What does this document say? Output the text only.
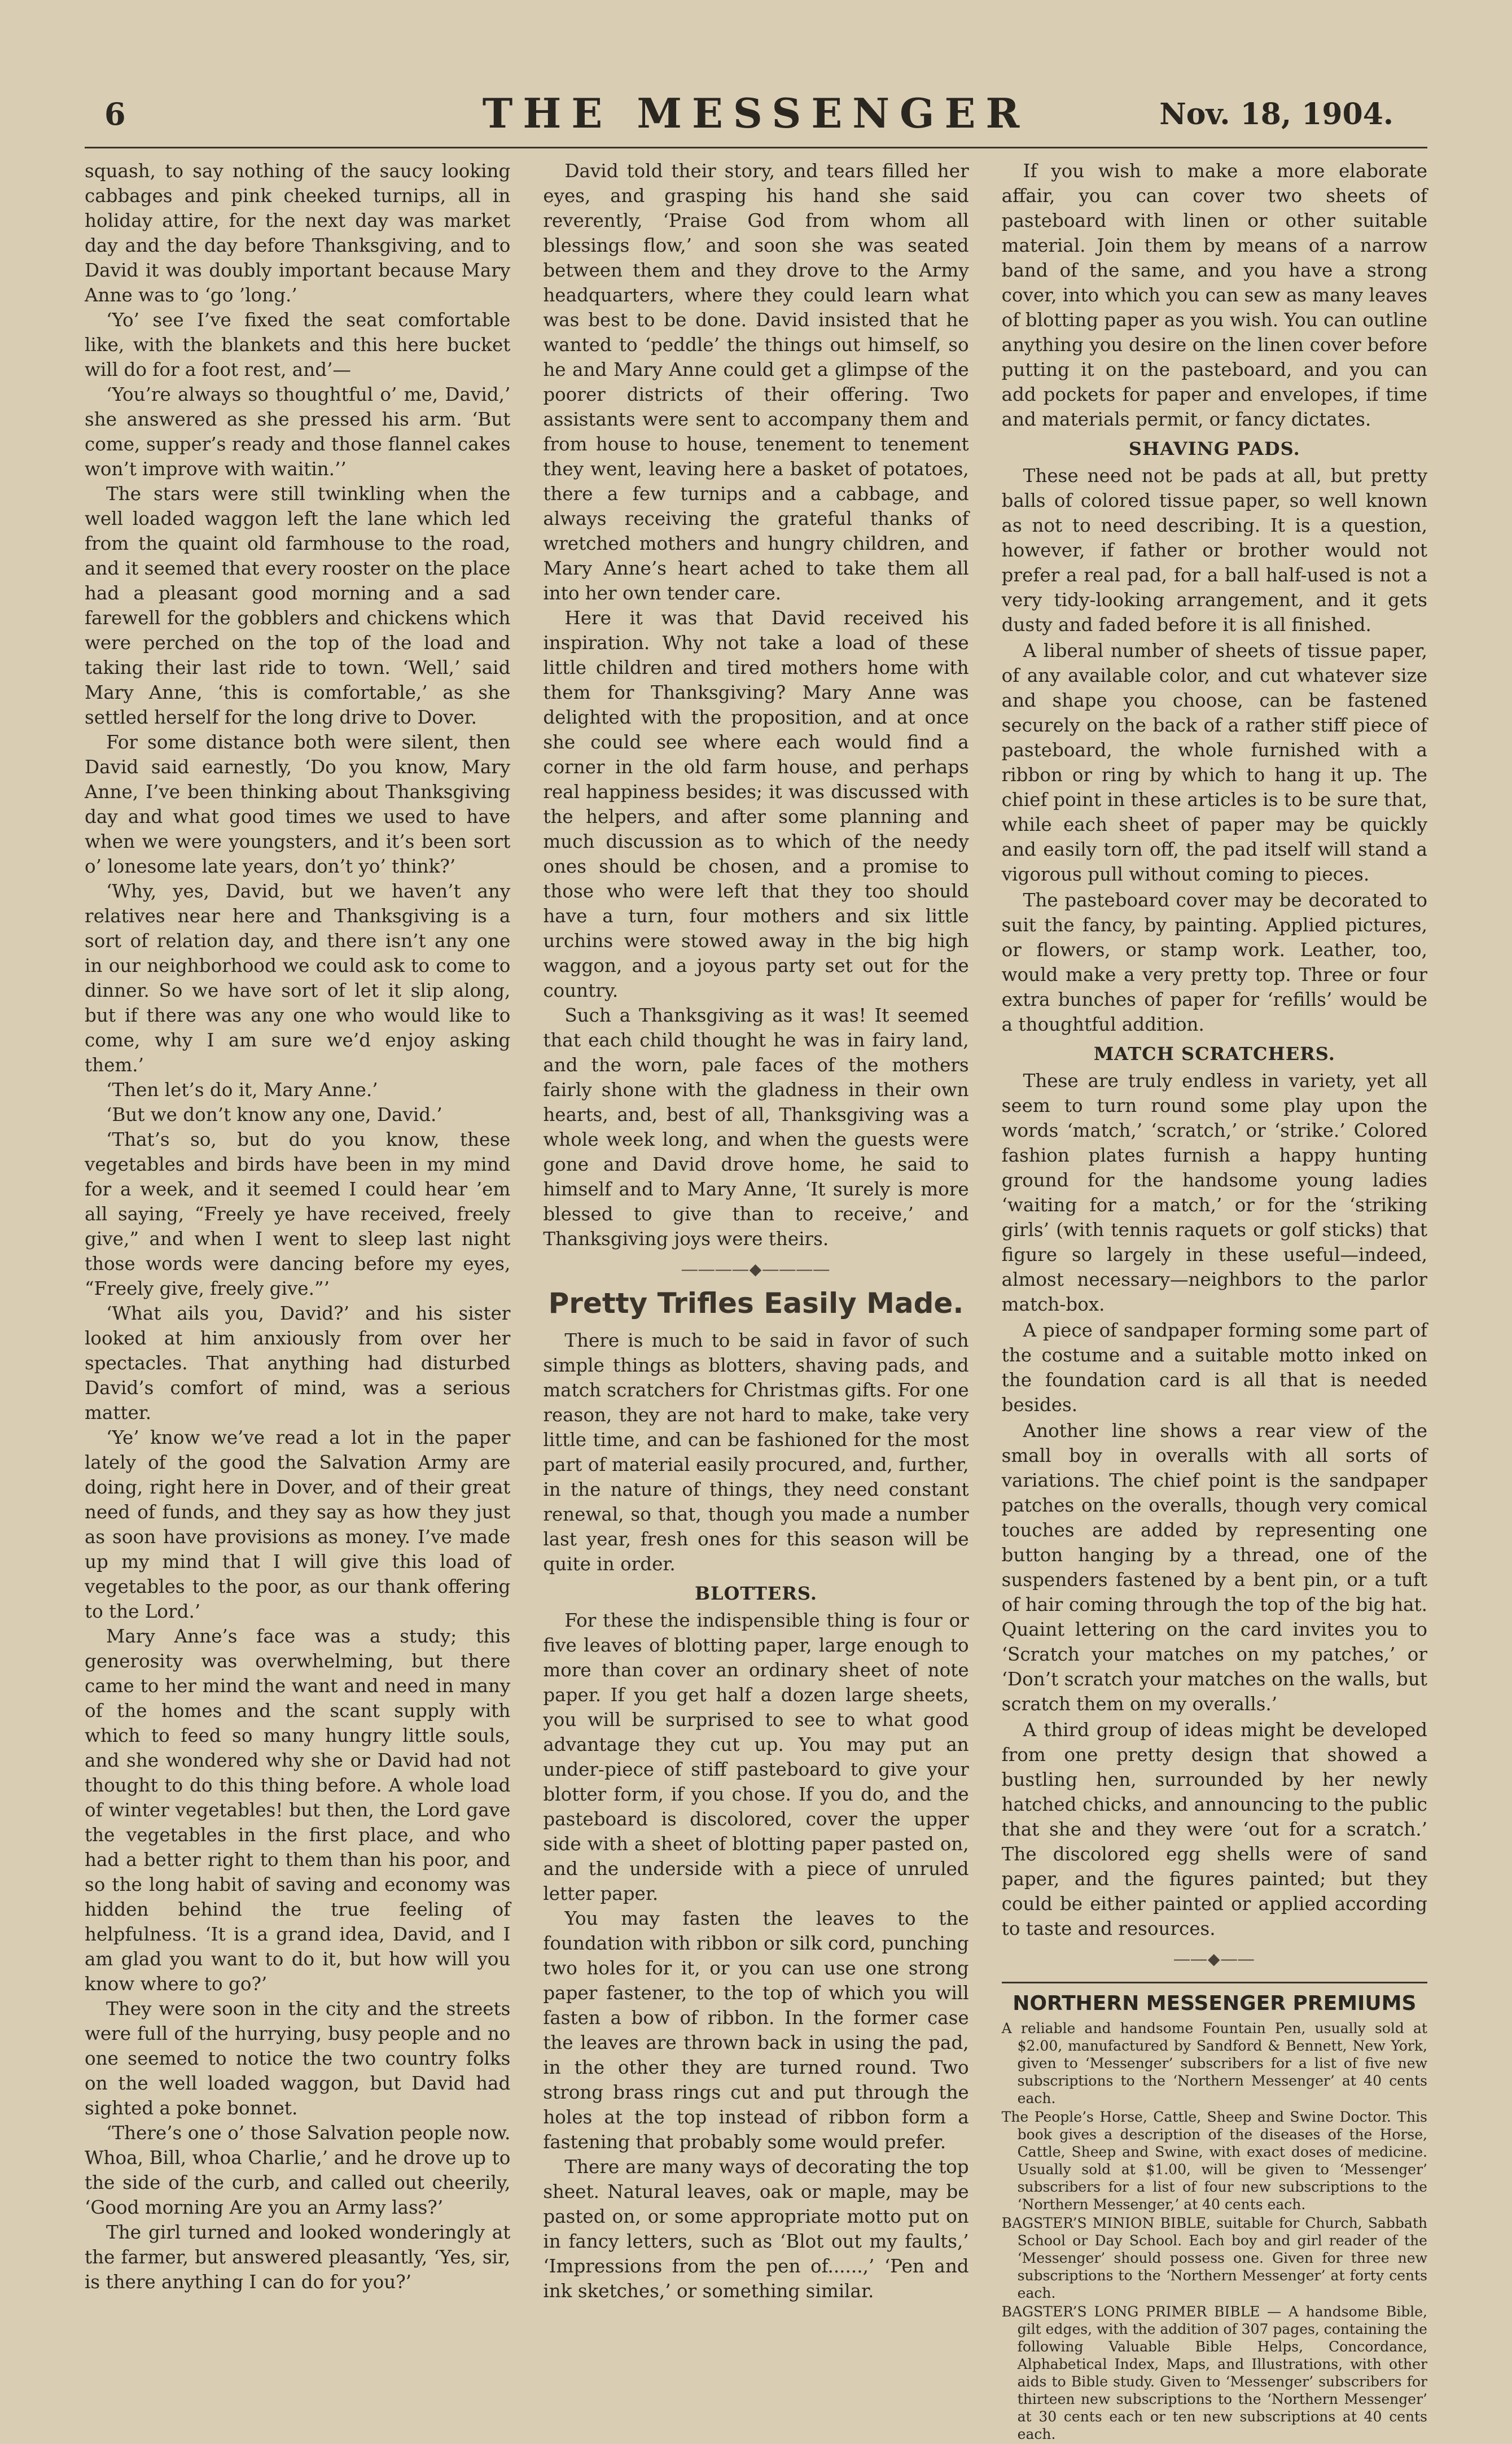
6	THE MESSENGER	Nov. 18, 1904.

squash, to say nothing of the saucy looking cabbages and pink cheeked turnips, all in holiday attire, for the next day was market day and the day before Thanksgiving, and to David it was doubly important because Mary Anne was to ‘go ’long.’

‘Yo’ see I’ve fixed the seat comfortable like, with the blankets and this here bucket will do for a foot rest, and’—

‘You’re always so thoughtful o’ me, David,’ she answered as she pressed his arm. ‘But come, supper’s ready and those flannel cakes won’t improve with waitin.’’

The stars were still twinkling when the well loaded waggon left the lane which led from the quaint old farmhouse to the road, and it seemed that every rooster on the place had a pleasant good morning and a sad farewell for the gobblers and chickens which were perched on the top of the load and taking their last ride to town. ‘Well,’ said Mary Anne, ‘this is comfortable,’ as she settled herself for the long drive to Dover.

For some distance both were silent, then David said earnestly, ‘Do you know, Mary Anne, I’ve been thinking about Thanksgiving day and what good times we used to have when we were youngsters, and it’s been sort o’ lonesome late years, don’t yo’ think?’

‘Why, yes, David, but we haven’t any relatives near here and Thanksgiving is a sort of relation day, and there isn’t any one in our neighborhood we could ask to come to dinner. So we have sort of let it slip along, but if there was any one who would like to come, why I am sure we’d enjoy asking them.’

‘Then let’s do it, Mary Anne.’

‘But we don’t know any one, David.’

‘That’s so, but do you know, these vegetables and birds have been in my mind for a week, and it seemed I could hear ’em all saying, “Freely ye have received, freely give,” and when I went to sleep last night those words were dancing before my eyes, “Freely give, freely give.”’

‘What ails you, David?’ and his sister looked at him anxiously from over her spectacles. That anything had disturbed David’s comfort of mind, was a serious matter.

‘Ye’ know we’ve read a lot in the paper lately of the good the Salvation Army are doing, right here in Dover, and of their great need of funds, and they say as how they just as soon have provisions as money. I’ve made up my mind that I will give this load of vegetables to the poor, as our thank offering to the Lord.’

Mary Anne’s face was a study; this generosity was overwhelming, but there came to her mind the want and need in many of the homes and the scant supply with which to feed so many hungry little souls, and she wondered why she or David had not thought to do this thing before. A whole load of winter vegetables! but then, the Lord gave the vegetables in the first place, and who had a better right to them than his poor, and so the long habit of saving and economy was hidden behind the true feeling of helpfulness. ‘It is a grand idea, David, and I am glad you want to do it, but how will you know where to go?’

They were soon in the city and the streets were full of the hurrying, busy people and no one seemed to notice the two country folks on the well loaded waggon, but David had sighted a poke bonnet.

‘There’s one o’ those Salvation people now. Whoa, Bill, whoa Charlie,’ and he drove up to the side of the curb, and called out cheerily, ‘Good morning Are you an Army lass?’

The girl turned and looked wonderingly at the farmer, but answered pleasantly, ‘Yes, sir, is there anything I can do for you?’

David told their story, and tears filled her eyes, and grasping his hand she said reverently, ‘Praise God from whom all blessings flow,’ and soon she was seated between them and they drove to the Army headquarters, where they could learn what was best to be done. David insisted that he wanted to ‘peddle’ the things out himself, so he and Mary Anne could get a glimpse of the poorer districts of their offering. Two assistants were sent to accompany them and from house to house, tenement to tenement they went, leaving here a basket of potatoes, there a few turnips and a cabbage, and always receiving the grateful thanks of wretched mothers and hungry children, and Mary Anne’s heart ached to take them all into her own tender care.

Here it was that David received his inspiration. Why not take a load of these little children and tired mothers home with them for Thanksgiving? Mary Anne was delighted with the proposition, and at once she could see where each would find a corner in the old farm house, and perhaps real happiness besides; it was discussed with the helpers, and after some planning and much discussion as to which of the needy ones should be chosen, and a promise to those who were left that they too should have a turn, four mothers and six little urchins were stowed away in the big high waggon, and a joyous party set out for the country.

Such a Thanksgiving as it was! It seemed that each child thought he was in fairy land, and the worn, pale faces of the mothers fairly shone with the gladness in their own hearts, and, best of all, Thanksgiving was a whole week long, and when the guests were gone and David drove home, he said to himself and to Mary Anne, ‘It surely is more blessed to give than to receive,’ and Thanksgiving joys were theirs.

――――◆――――
Pretty Trifles Easily Made.

There is much to be said in favor of such simple things as blotters, shaving pads, and match scratchers for Christmas gifts. For one reason, they are not hard to make, take very little time, and can be fashioned for the most part of material easily procured, and, further, in the nature of things, they need constant renewal, so that, though you made a number last year, fresh ones for this season will be quite in order.

BLOTTERS.

For these the indispensible thing is four or five leaves of blotting paper, large enough to more than cover an ordinary sheet of note paper. If you get half a dozen large sheets, you will be surprised to see to what good advantage they cut up. You may put an under-piece of stiff pasteboard to give your blotter form, if you chose. If you do, and the pasteboard is discolored, cover the upper side with a sheet of blotting paper pasted on, and the underside with a piece of unruled letter paper.

You may fasten the leaves to the foundation with ribbon or silk cord, punching two holes for it, or you can use one strong paper fastener, to the top of which you will fasten a bow of ribbon. In the former case the leaves are thrown back in using the pad, in the other they are turned round. Two strong brass rings cut and put through the holes at the top instead of ribbon form a fastening that probably some would prefer.

There are many ways of decorating the top sheet. Natural leaves, oak or maple, may be pasted on, or some appropriate motto put on in fancy letters, such as ‘Blot out my faults,’ ‘Impressions from the pen of......,’ ‘Pen and ink sketches,’ or something similar.

If you wish to make a more elaborate affair, you can cover two sheets of pasteboard with linen or other suitable material. Join them by means of a narrow band of the same, and you have a strong cover, into which you can sew as many leaves of blotting paper as you wish. You can outline anything you desire on the linen cover before putting it on the pasteboard, and you can add pockets for paper and envelopes, if time and materials permit, or fancy dictates.

SHAVING PADS.

These need not be pads at all, but pretty balls of colored tissue paper, so well known as not to need describing. It is a question, however, if father or brother would not prefer a real pad, for a ball half-used is not a very tidy-looking arrangement, and it gets dusty and faded before it is all finished.

A liberal number of sheets of tissue paper, of any available color, and cut whatever size and shape you choose, can be fastened securely on the back of a rather stiff piece of pasteboard, the whole furnished with a ribbon or ring by which to hang it up. The chief point in these articles is to be sure that, while each sheet of paper may be quickly and easily torn off, the pad itself will stand a vigorous pull without coming to pieces.

The pasteboard cover may be decorated to suit the fancy, by painting. Applied pictures, or flowers, or stamp work. Leather, too, would make a very pretty top. Three or four extra bunches of paper for ‘refills’ would be a thoughtful addition.

MATCH SCRATCHERS.

These are truly endless in variety, yet all seem to turn round some play upon the words ‘match,’ ‘scratch,’ or ‘strike.’ Colored fashion plates furnish a happy hunting ground for the handsome young ladies ‘waiting for a match,’ or for the ‘striking girls’ (with tennis raquets or golf sticks) that figure so largely in these useful—indeed, almost necessary—neighbors to the parlor match-box.

A piece of sandpaper forming some part of the costume and a suitable motto inked on the foundation card is all that is needed besides.

Another line shows a rear view of the small boy in overalls with all sorts of variations. The chief point is the sandpaper patches on the overalls, though very comical touches are added by representing one button hanging by a thread, one of the suspenders fastened by a bent pin, or a tuft of hair coming through the top of the big hat. Quaint lettering on the card invites you to ‘Scratch your matches on my patches,’ or ‘Don’t scratch your matches on the walls, but scratch them on my overalls.’

A third group of ideas might be developed from one pretty design that showed a bustling hen, surrounded by her newly hatched chicks, and announcing to the public that she and they were ‘out for a scratch.’ The discolored egg shells were of sand paper, and the figures painted; but they could be either painted or applied according to taste and resources.

――◆――
NORTHERN MESSENGER PREMIUMS

A reliable and handsome Fountain Pen, usually sold at $2.00, manufactured by Sandford & Bennett, New York, given to ‘Messenger’ subscribers for a list of five new subscriptions to the ‘Northern Messenger’ at 40 cents each.

The People’s Horse, Cattle, Sheep and Swine Doctor. This book gives a description of the diseases of the Horse, Cattle, Sheep and Swine, with exact doses of medicine. Usually sold at $1.00, will be given to ‘Messenger’ subscribers for a list of four new subscriptions to the ‘Northern Messenger,’ at 40 cents each.

BAGSTER’S MINION BIBLE, suitable for Church, Sabbath School or Day School. Each boy and girl reader of the ‘Messenger’ should possess one. Given for three new subscriptions to the ‘Northern Messenger’ at forty cents each.

BAGSTER’S LONG PRIMER BIBLE — A handsome Bible, gilt edges, with the addition of 307 pages, containing the following Valuable Bible Helps, Concordance, Alphabetical Index, Maps, and Illustrations, with other aids to Bible study. Given to ‘Messenger’ subscribers for thirteen new subscriptions to the ‘Northern Messenger’ at 30 cents each or ten new subscriptions at 40 cents each.
